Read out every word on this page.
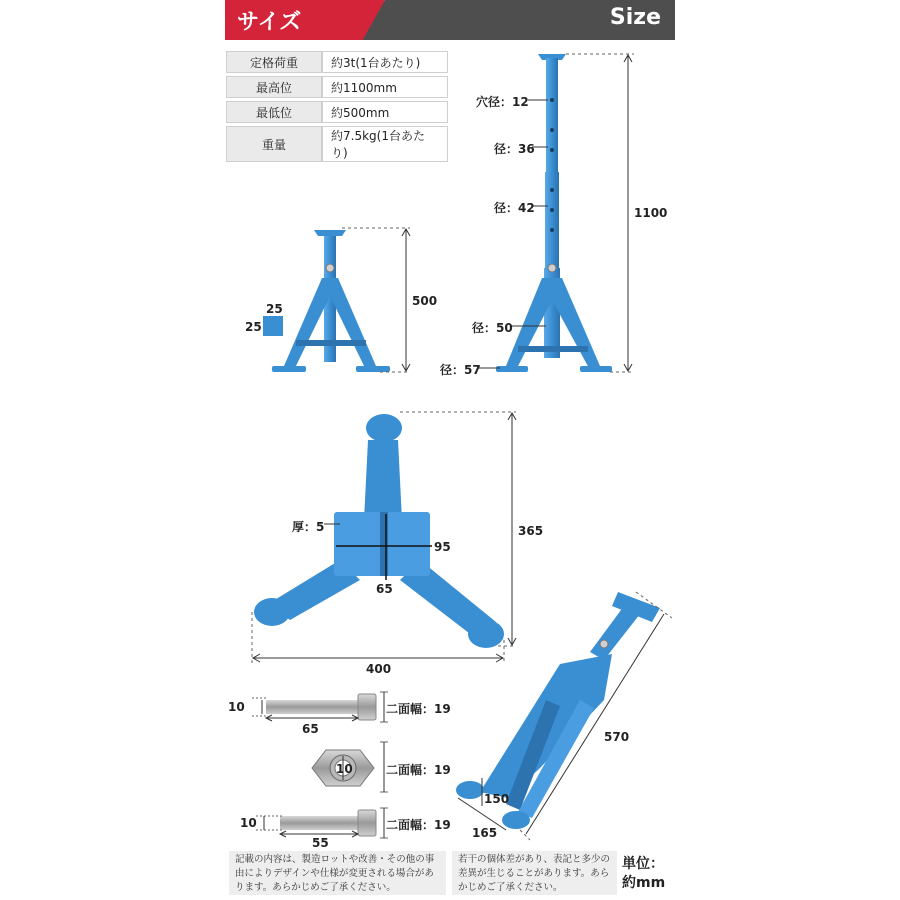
サイズ	Size
定格荷重	約3t(1台あたり)
最高位	約1100mm
最低位	約500mm
重量	約7.5kg(1台あたり)
500
25
25
穴径：12
径：36
径：42
径：50
径：57
1100
厚：5
95
65
365
400
10
65
二面幅：19
10	二面幅：19
10
55
二面幅：19
570
150
165
記載の内容は、製造ロットや改善・その他の事由によりデザインや仕様が変更される場合があります。あらかじめご了承ください。
若干の個体差があり、表記と多少の差異が生じることがあります。あらかじめご了承ください。
単位：
約mm
